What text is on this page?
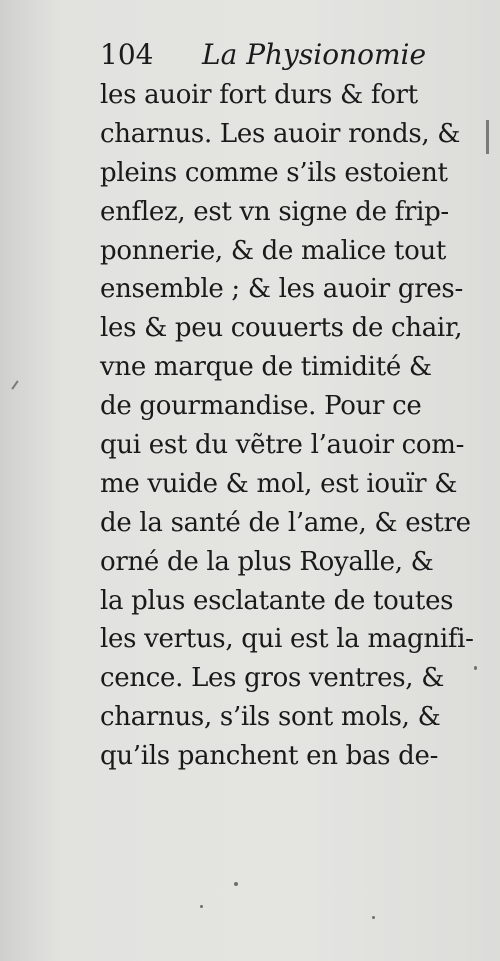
104 La Physionomie
les auoir fort durs & fort
charnus. Les auoir ronds, &
pleins comme s’ils estoient
enflez, est vn signe de frip-
ponnerie, & de malice tout
ensemble ; & les auoir gres-
les & peu couuerts de chair,
vne marque de timidité &
de gourmandise. Pour ce
qui est du vẽtre l’auoir com-
me vuide & mol, est iouïr &
de la santé de l’ame, & estre
orné de la plus Royalle, &
la plus esclatante de toutes
les vertus, qui est la magnifi-
cence. Les gros ventres, &
charnus, s’ils sont mols, &
qu’ils panchent en bas de-
